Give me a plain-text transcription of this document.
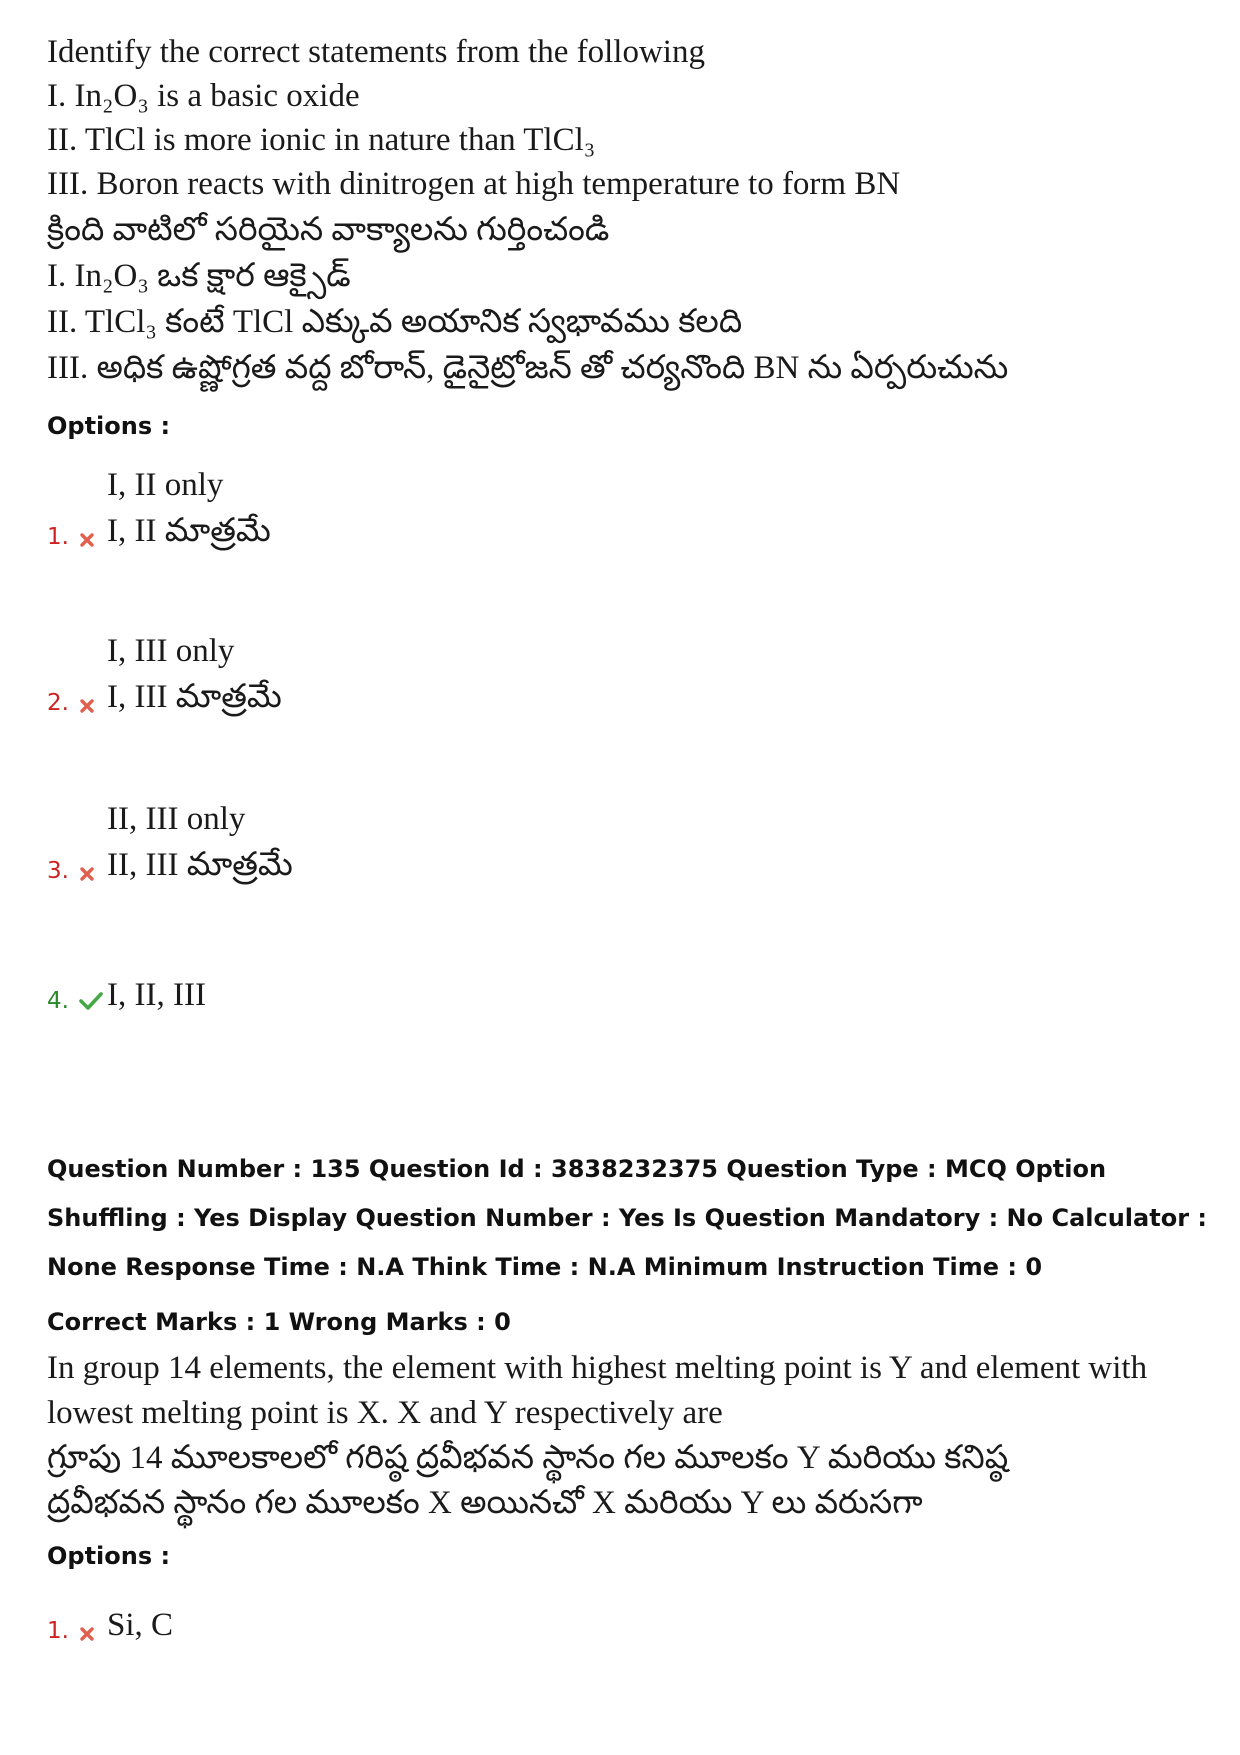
Identify the correct statements from the following
I. In₂O₃ is a basic oxide
II. TlCl is more ionic in nature than TlCl₃
III. Boron reacts with dinitrogen at high temperature to form BN
క్రింది వాటిలో సరియైన వాక్యాలను గుర్తించండి
I. In₂O₃ ఒక క్షార ఆక్సైడ్
II. TlCl₃ కంటే TlCl ఎక్కువ అయానిక స్వభావము కలది
III. అధిక ఉష్ణోగ్రత వద్ద బోరాన్, డైనైట్రోజన్ తో చర్యనొంది BN ను ఏర్పరుచును
Options :
I, II only
1. I, II మాత్రమే
I, III only
2. I, III మాత్రమే
II, III only
3. II, III మాత్రమే
4. I, II, III
Question Number : 135 Question Id : 3838232375 Question Type : MCQ Option Shuffling : Yes Display Question Number : Yes Is Question Mandatory : No Calculator : None Response Time : N.A Think Time : N.A Minimum Instruction Time : 0
Correct Marks : 1 Wrong Marks : 0
In group 14 elements, the element with highest melting point is Y and element with
lowest melting point is X. X and Y respectively are
గ్రూపు 14 మూలకాలలో గరిష్ఠ ద్రవీభవన స్థానం గల మూలకం Y మరియు కనిష్ఠ
ద్రవీభవన స్థానం గల మూలకం X అయినచో X మరియు Y లు వరుసగా
Options :
1. Si, C
